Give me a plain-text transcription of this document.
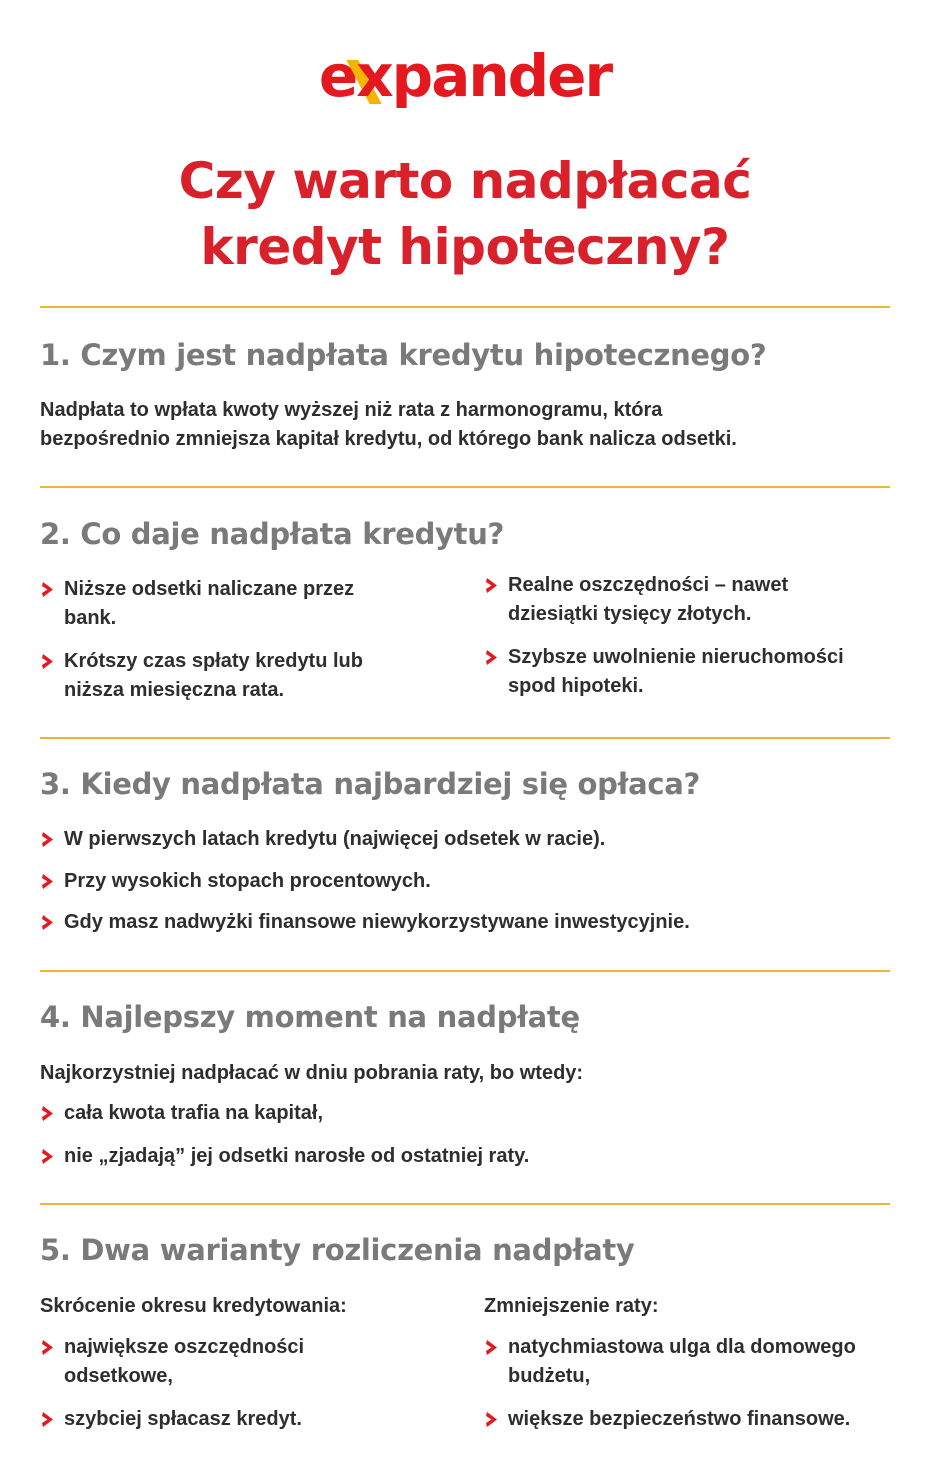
e
xpander
Czy warto nadpłacać
kredyt hipoteczny?
1. Czym jest nadpłata kredytu hipotecznego?
Nadpłata to wpłata kwoty wyższej niż rata z harmonogramu, która
bezpośrednio zmniejsza kapitał kredytu, od którego bank nalicza odsetki.
2. Co daje nadpłata kredytu?
Niższe odsetki naliczane przez
bank.
Krótszy czas spłaty kredytu lub
niższa miesięczna rata.
Realne oszczędności – nawet
dziesiątki tysięcy złotych.
Szybsze uwolnienie nieruchomości
spod hipoteki.
3. Kiedy nadpłata najbardziej się opłaca?
W pierwszych latach kredytu (najwięcej odsetek w racie).
Przy wysokich stopach procentowych.
Gdy masz nadwyżki finansowe niewykorzystywane inwestycyjnie.
4. Najlepszy moment na nadpłatę
Najkorzystniej nadpłacać w dniu pobrania raty, bo wtedy:
cała kwota trafia na kapitał,
nie „zjadają” jej odsetki narosłe od ostatniej raty.
5. Dwa warianty rozliczenia nadpłaty
Skrócenie okresu kredytowania:	Zmniejszenie raty:
największe oszczędności
odsetkowe,
szybciej spłacasz kredyt.
natychmiastowa ulga dla domowego
budżetu,
większe bezpieczeństwo finansowe.
